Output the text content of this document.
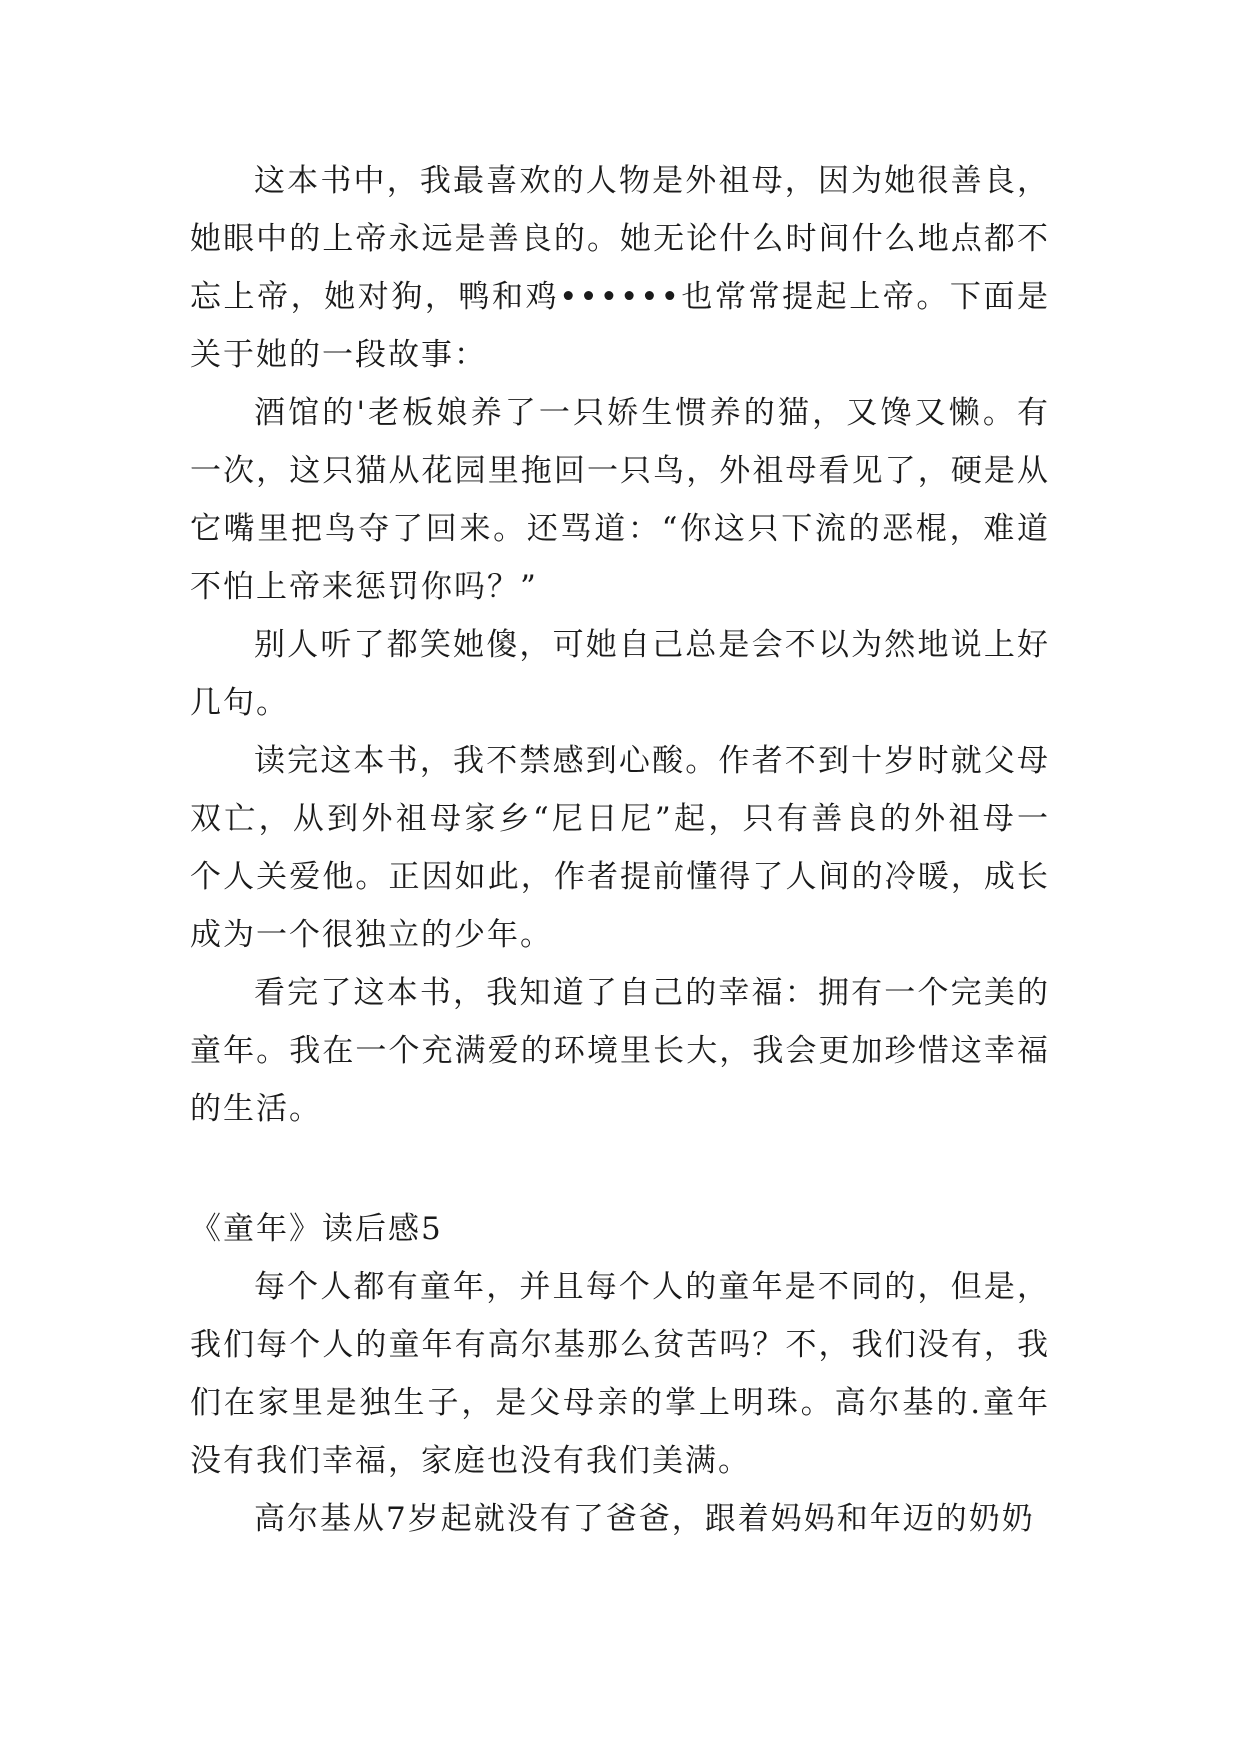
这本书中，我最喜欢的人物是外祖母，因为她很善良，她眼中的上帝永远是善良的。她无论什么时间什么地点都不忘上帝，她对狗，鸭和鸡••••••也常常提起上帝。下面是关于她的一段故事：

酒馆的'老板娘养了一只娇生惯养的猫，又馋又懒。有一次，这只猫从花园里拖回一只鸟，外祖母看见了，硬是从它嘴里把鸟夺了回来。还骂道：“你这只下流的恶棍，难道不怕上帝来惩罚你吗？”

别人听了都笑她傻，可她自己总是会不以为然地说上好几句。

读完这本书，我不禁感到心酸。作者不到十岁时就父母双亡，从到外祖母家乡“尼日尼”起，只有善良的外祖母一个人关爱他。正因如此，作者提前懂得了人间的冷暖，成长成为一个很独立的少年。

看完了这本书，我知道了自己的幸福：拥有一个完美的童年。我在一个充满爱的环境里长大，我会更加珍惜这幸福的生活。

《童年》读后感5

每个人都有童年，并且每个人的童年是不同的，但是，我们每个人的童年有高尔基那么贫苦吗？不，我们没有，我们在家里是独生子，是父母亲的掌上明珠。高尔基的.童年没有我们幸福，家庭也没有我们美满。

高尔基从7岁起就没有了爸爸，跟着妈妈和年迈的奶奶
